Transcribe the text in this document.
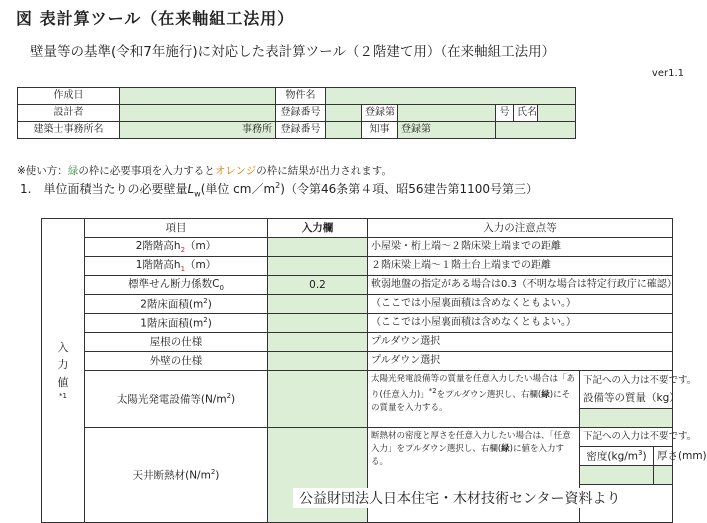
図 表計算ツール（在来軸組工法用）
壁量等の基準(令和7年施行)に対応した表計算ツール（２階建て用）（在来軸組工法用）
ver1.1
作成日		物件名						
設計者		登録番号		登録第		号	氏名	
建築士事務所名	事務所	登録番号		知事	登録第			
※使い方：緑の枠に必要事項を入力するとオレンジの枠に結果が出力されます。
1.　単位面積当たりの必要壁量$L_w$(単位 $cm/m^2$)（令第46条第４項、昭56建告第1100号第三）
入力値
*1	項目	入力欄	入力の注意点等		
	2階階高$h_2(m)$		小屋梁・桁上端～２階床梁上端までの距離		
	1階階高$h_1(m)$		２階床梁上端～１階土台上端までの距離		
	標準せん断力係数$C_0$	0.2	軟弱地盤の指定がある場合は0.3（不明な場合は特定行政庁に確認）		
	2階床面積$(m^2)$		（ここでは小屋裏面積は含めなくともよい。）		
	1階床面積$(m^2)$		（ここでは小屋裏面積は含めなくともよい。）		
	屋根の仕様		プルダウン選択		
	外壁の仕様		プルダウン選択		
	太陽光発電設備等$(N/m^2)$		太陽光発電設備等の質量を任意入力したい場合は「あり(任意入力)」$^{*2}$をプルダウン選択し、右欄(緑)にその質量を入力する。	下記への入力は不要です。	
				設備等の質量（kg）	

	天井断熱材$(N/m^2)$		断熱材の密度と厚さを任意入力したい場合は、「任意入力」をプルダウン選択し、右欄(緑)に値を入力する。	下記への入力は不要です。	
				密度$(kg/m^3)$	厚さ(mm)

公益財団法人日本住宅・木材技術センター資料より
